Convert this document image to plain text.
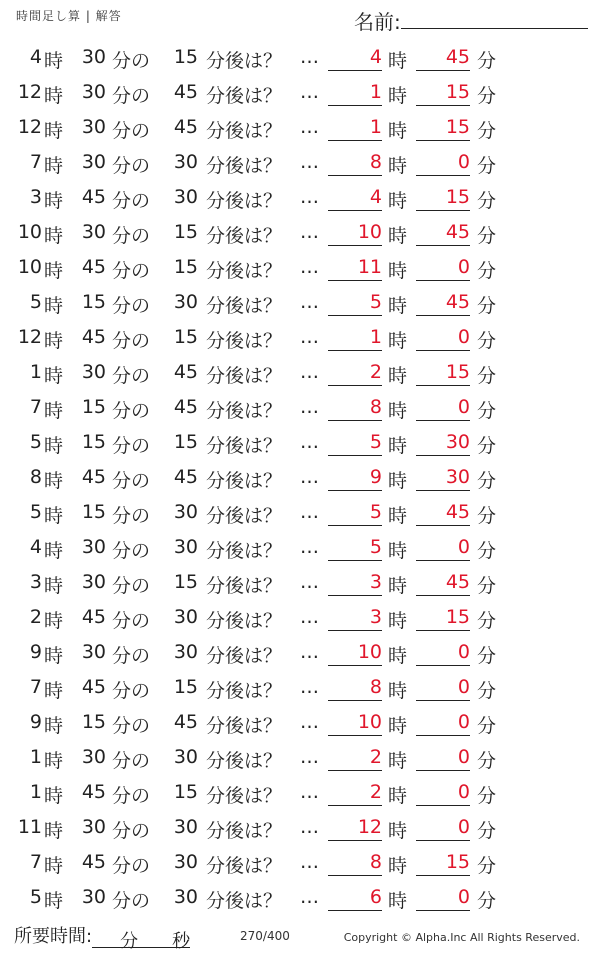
時間足し算 | 解答	名前:
4 時 30 分の	15 分後は？ …	4 時	45 分
12 時 30 分の	45 分後は？ …	1 時	15 分
12 時 30 分の	45 分後は？ …	1 時	15 分
7 時 30 分の	30 分後は？ …	8 時	0 分
3 時 45 分の	30 分後は？ …	4 時	15 分
10 時 30 分の	15 分後は？ …	10 時	45 分
10 時 45 分の	15 分後は？ …	11 時	0 分
5 時 15 分の	30 分後は？ …	5 時	45 分
12 時 45 分の	15 分後は？ …	1 時	0 分
1 時 30 分の	45 分後は？ …	2 時	15 分
7 時 15 分の	45 分後は？ …	8 時	0 分
5 時 15 分の	15 分後は？ …	5 時	30 分
8 時 45 分の	45 分後は？ …	9 時	30 分
5 時 15 分の	30 分後は？ …	5 時	45 分
4 時 30 分の	30 分後は？ …	5 時	0 分
3 時 30 分の	15 分後は？ …	3 時	45 分
2 時 45 分の	30 分後は？ …	3 時	15 分
9 時 30 分の	30 分後は？ …	10 時	0 分
7 時 45 分の	15 分後は？ …	8 時	0 分
9 時 15 分の	45 分後は？ …	10 時	0 分
1 時 30 分の	30 分後は？ …	2 時	0 分
1 時 45 分の	15 分後は？ …	2 時	0 分
11 時 30 分の	30 分後は？ …	12 時	0 分
7 時 45 分の	30 分後は？ …	8 時	15 分
5 時 30 分の	30 分後は？ …	6 時	0 分
所要時間: 分 秒	270/400	Copyright © Alpha.Inc All Rights Reserved.
